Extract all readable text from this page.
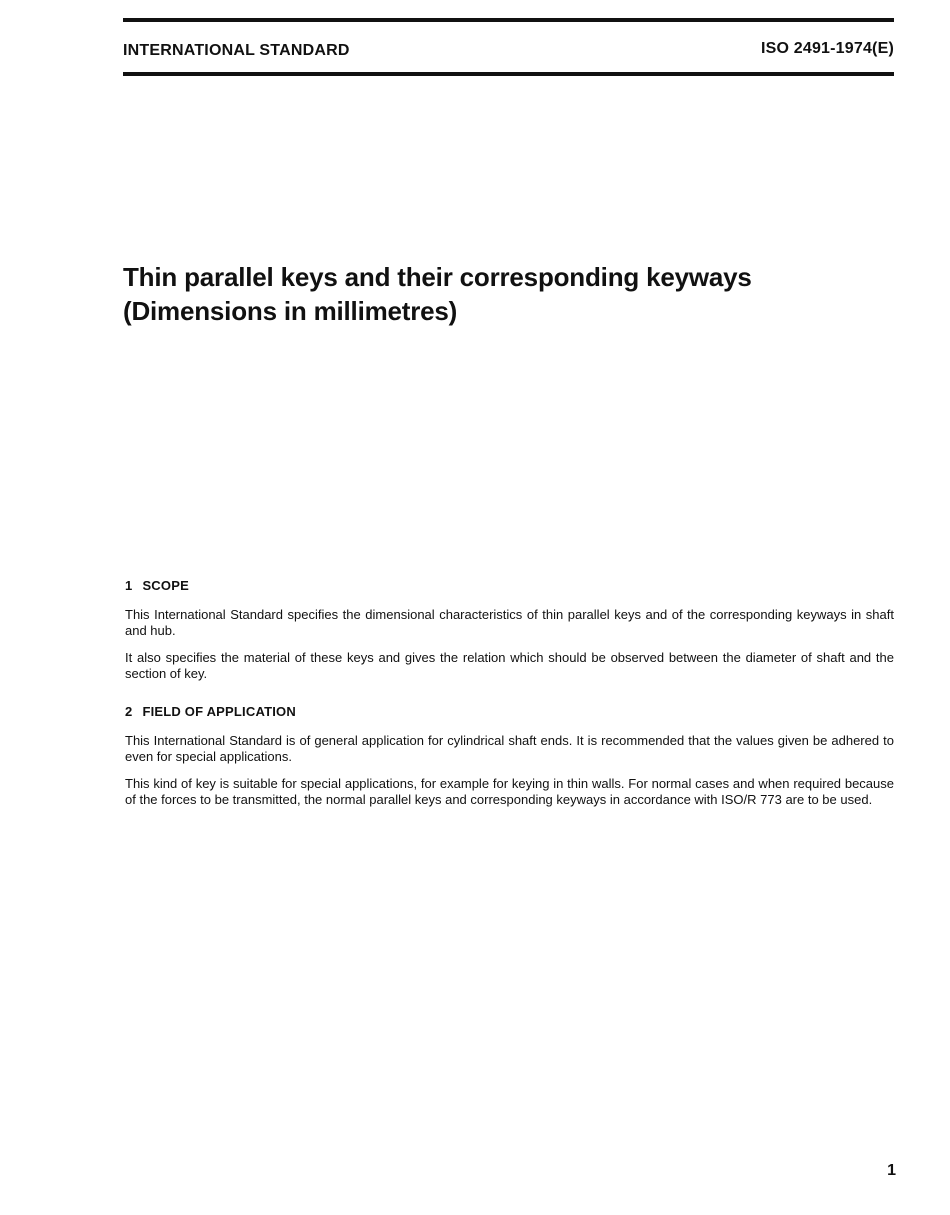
INTERNATIONAL STANDARD	ISO 2491-1974(E)
Thin parallel keys and their corresponding keyways
(Dimensions in millimetres)
1 SCOPE

This International Standard specifies the dimensional characteristics of thin parallel keys and of the corresponding keyways in shaft and hub.

It also specifies the material of these keys and gives the relation which should be observed between the diameter of shaft and the section of key.

2 FIELD OF APPLICATION

This International Standard is of general application for cylindrical shaft ends. It is recommended that the values given be adhered to even for special applications.

This kind of key is suitable for special applications, for example for keying in thin walls. For normal cases and when required because of the forces to be transmitted, the normal parallel keys and corresponding keyways in accordance with ISO/R 773 are to be used.

1
